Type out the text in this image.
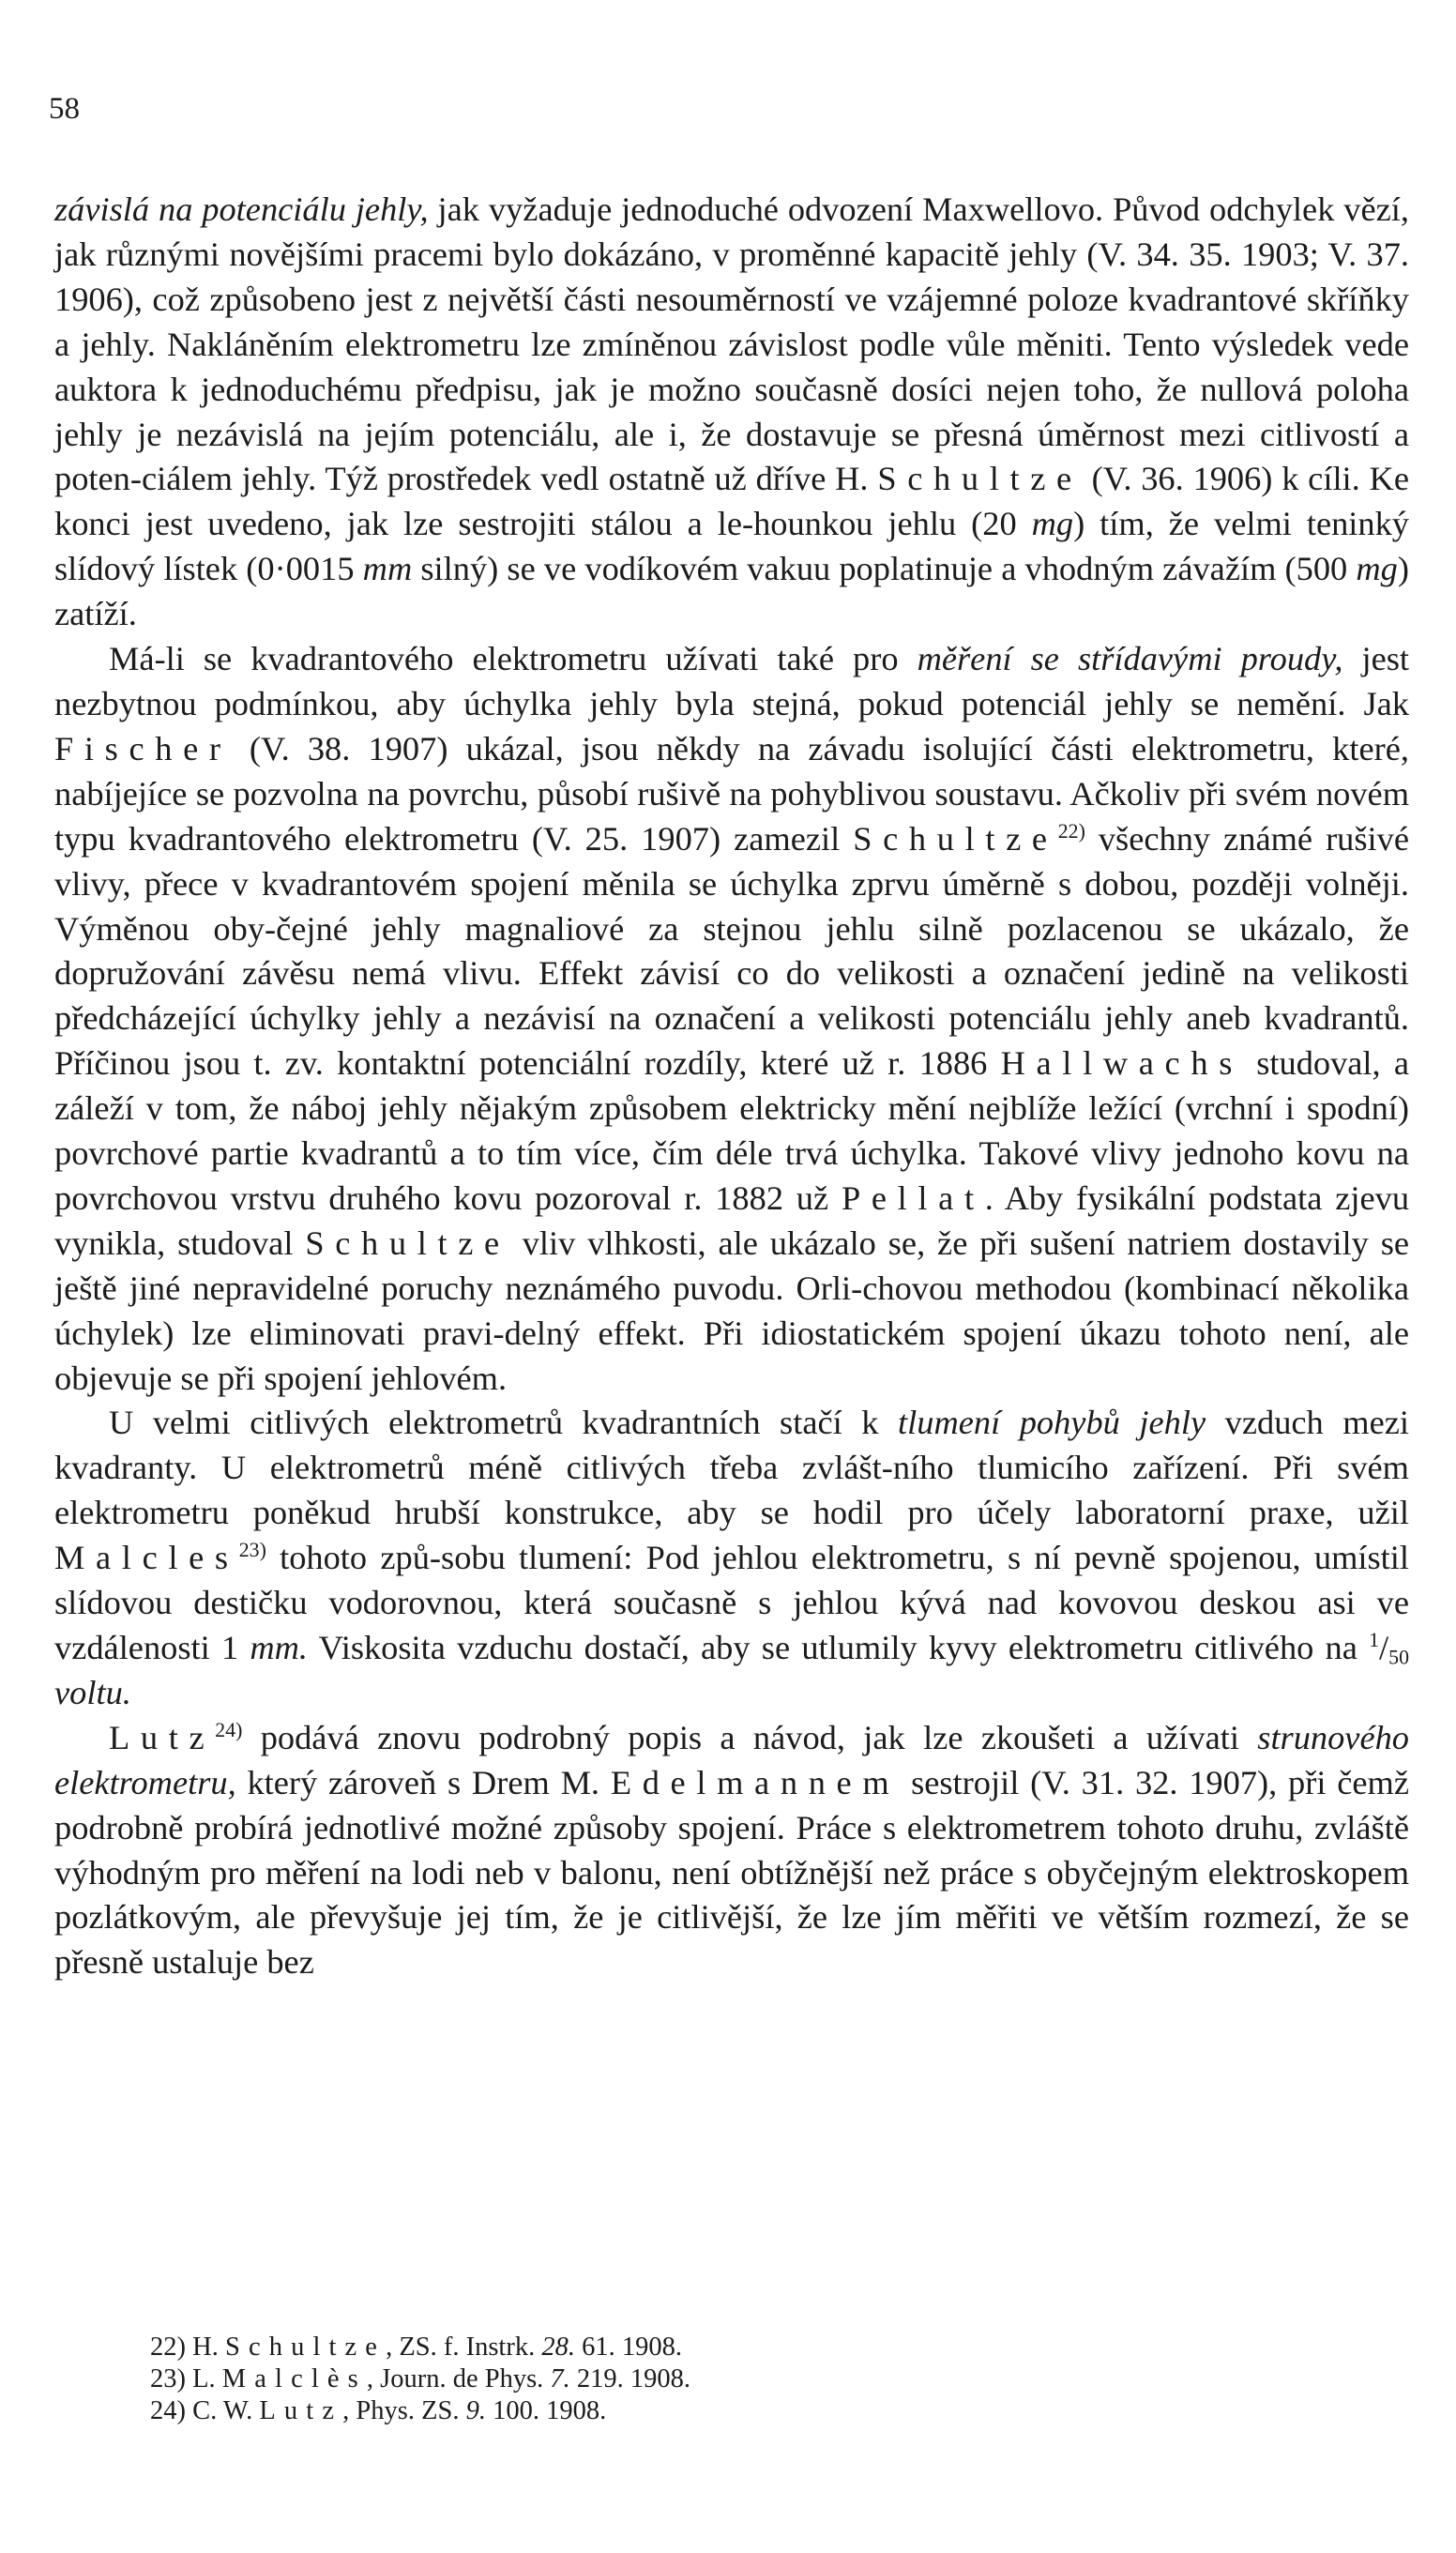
58

závislá na potenciálu jehly, jak vyžaduje jednoduché odvození Maxwellovo. Původ odchylek vězí, jak různými novějšími pracemi bylo dokázáno, v proměnné kapacitě jehly (V. 34. 35. 1903; V. 37. 1906), což způsobeno jest z největší části nesouměrností ve vzájemné poloze kvadrantové skříňky a jehly. Nakláněním elektrometru lze zmíněnou závislost podle vůle měniti. Tento výsledek vede auktora k jednoduchému předpisu, jak je možno současně dosíci nejen toho, že nullová poloha jehly je nezávislá na jejím potenciálu, ale i, že dostavuje se přesná úměrnost mezi citlivostí a poten-ciálem jehly. Týž prostředek vedl ostatně už dříve H. Schultze (V. 36. 1906) k cíli. Ke konci jest uvedeno, jak lze sestrojiti stálou a le-hounkou jehlu (20 mg) tím, že velmi teninký slídový lístek (0·0015 mm silný) se ve vodíkovém vakuu poplatinuje a vhodným závažím (500 mg) zatíží.

Má-li se kvadrantového elektrometru užívati také pro měření se střídavými proudy, jest nezbytnou podmínkou, aby úchylka jehly byla stejná, pokud potenciál jehly se nemění. Jak Fischer (V. 38. 1907) ukázal, jsou někdy na závadu isolující části elektrometru, které, nabíjejíce se pozvolna na povrchu, působí rušivě na pohyblivou soustavu. Ačkoliv při svém novém typu kvadrantového elektrometru (V. 25. 1907) zamezil Schultze$^{22)}$ všechny známé rušivé vlivy, přece v kvadrantovém spojení měnila se úchylka zprvu úměrně s dobou, později volněji. Výměnou oby-čejné jehly magnaliové za stejnou jehlu silně pozlacenou se ukázalo, že dopružování závěsu nemá vlivu. Effekt závisí co do velikosti a označení jedině na velikosti předcházející úchylky jehly a nezávisí na označení a velikosti potenciálu jehly aneb kvadrantů. Příčinou jsou t. zv. kontaktní potenciální rozdíly, které už r. 1886 Hallwachs studoval, a záleží v tom, že náboj jehly nějakým způsobem elektricky mění nejblíže ležící (vrchní i spodní) povrchové partie kvadrantů a to tím více, čím déle trvá úchylka. Takové vlivy jednoho kovu na povrchovou vrstvu druhého kovu pozoroval r. 1882 už Pellat. Aby fysikální podstata zjevu vynikla, studoval Schultze vliv vlhkosti, ale ukázalo se, že při sušení natriem dostavily se ještě jiné nepravidelné poruchy neznámého puvodu. Orli-chovou methodou (kombinací několika úchylek) lze eliminovati pravi-delný effekt. Při idiostatickém spojení úkazu tohoto není, ale objevuje se při spojení jehlovém.

U velmi citlivých elektrometrů kvadrantních stačí k tlumení pohybů jehly vzduch mezi kvadranty. U elektrometrů méně citlivých třeba zvlášt-ního tlumicího zařízení. Při svém elektrometru poněkud hrubší konstrukce, aby se hodil pro účely laboratorní praxe, užil Malcles$^{23)}$ tohoto způ-sobu tlumení: Pod jehlou elektrometru, s ní pevně spojenou, umístil slídovou destičku vodorovnou, která současně s jehlou kývá nad kovovou deskou asi ve vzdálenosti 1 mm. Viskosita vzduchu dostačí, aby se utlumily kyvy elektrometru citlivého na $^1$/50 voltu.

Lutz$^{24)}$ podává znovu podrobný popis a návod, jak lze zkoušeti a užívati strunového elektrometru, který zároveň s Drem M. Edelmannem sestrojil (V. 31. 32. 1907), při čemž podrobně probírá jednotlivé možné způsoby spojení. Práce s elektrometrem tohoto druhu, zvláště výhodným pro měření na lodi neb v balonu, není obtížnější než práce s obyčejným elektroskopem pozlátkovým, ale převyšuje jej tím, že je citlivější, že lze jím měřiti ve větším rozmezí, že se přesně ustaluje bez

22) H. Schultze, ZS. f. Instrk. 28. 61. 1908.
23) L. Malclès, Journ. de Phys. 7. 219. 1908.
24) C. W. Lutz, Phys. ZS. 9. 100. 1908.
